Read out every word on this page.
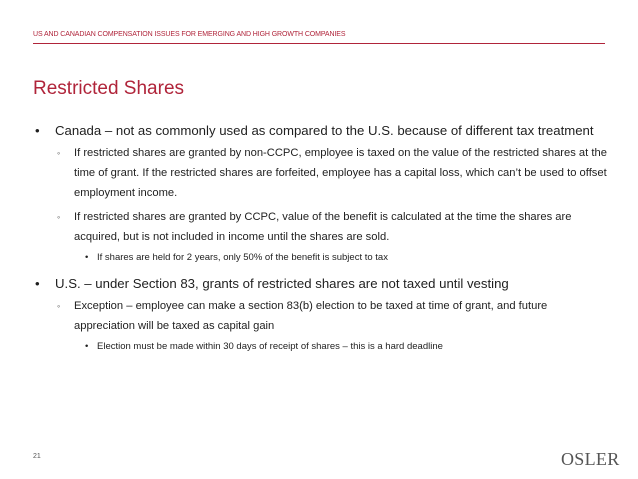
US AND CANADIAN COMPENSATION ISSUES FOR EMERGING AND HIGH GROWTH COMPANIES
Restricted Shares
• Canada – not as commonly used as compared to the U.S. because of different tax treatment
◦ If restricted shares are granted by non-CCPC, employee is taxed on the value of the restricted shares at the time of grant. If the restricted shares are forfeited, employee has a capital loss, which can’t be used to offset employment income.
◦ If restricted shares are granted by CCPC, value of the benefit is calculated at the time the shares are acquired, but is not included in income until the shares are sold.
• If shares are held for 2 years, only 50% of the benefit is subject to tax
• U.S. – under Section 83, grants of restricted shares are not taxed until vesting
◦ Exception – employee can make a section 83(b) election to be taxed at time of grant, and future appreciation will be taxed as capital gain
• Election must be made within 30 days of receipt of shares – this is a hard deadline
21	OSLER
